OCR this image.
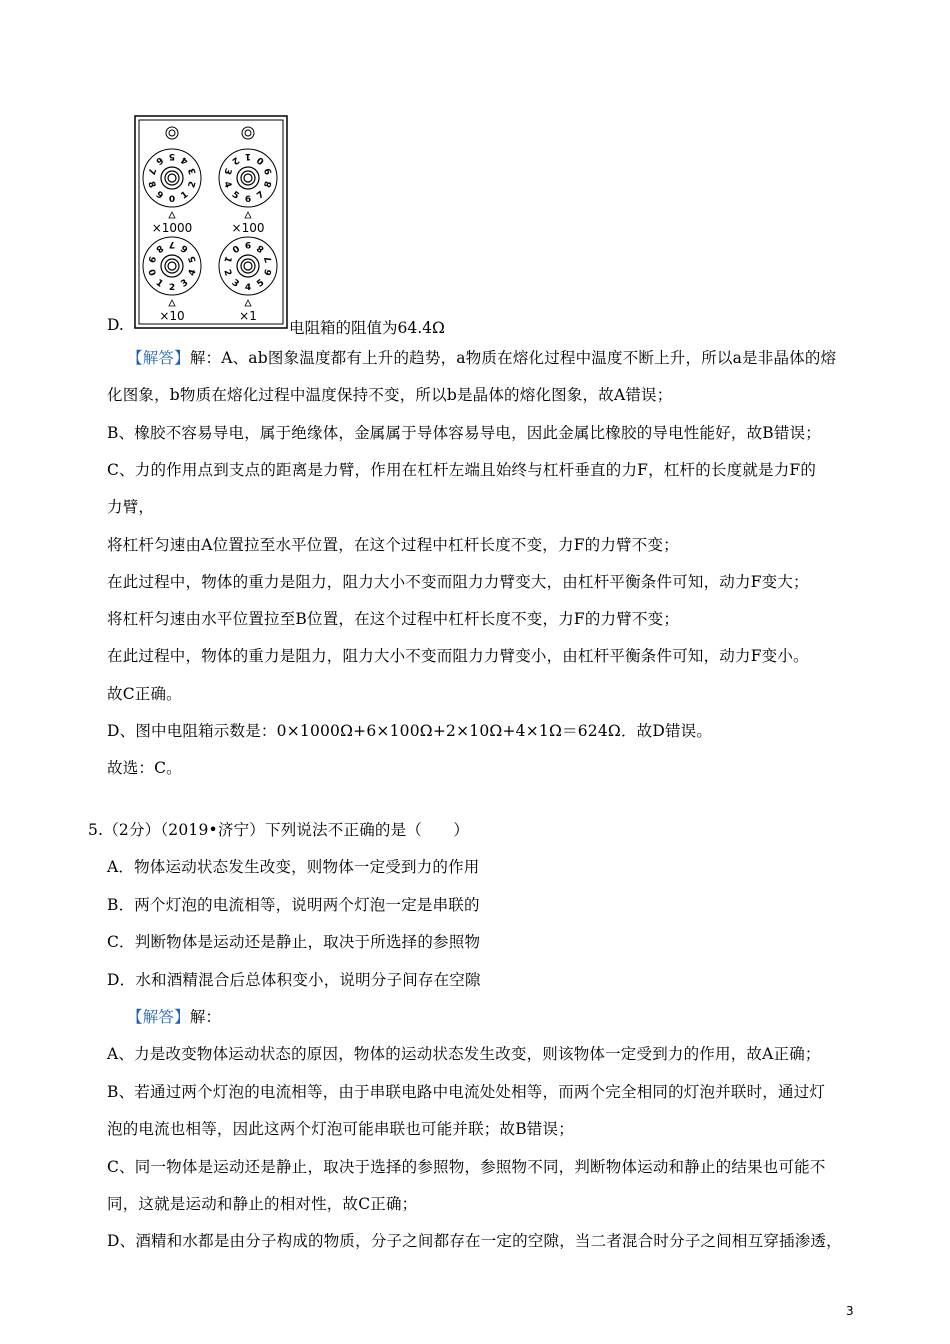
0 1
2
3
4
5
6
7
8
9
×1000
0
1
2
3
4
5 6 7
8
9
×100
0
1 2 3
4
5
6
7
8
9
×10
0
1
2
3 4 5
6
7
8
9
×1
D.	电阻箱的阻值为64.4Ω
【解答】解：A、ab图象温度都有上升的趋势，a物质在熔化过程中温度不断上升，所以a是非晶体的熔
化图象，b物质在熔化过程中温度保持不变，所以b是晶体的熔化图象，故A错误；
B、橡胶不容易导电，属于绝缘体，金属属于导体容易导电，因此金属比橡胶的导电性能好，故B错误；
C、力的作用点到支点的距离是力臂，作用在杠杆左端且始终与杠杆垂直的力F，杠杆的长度就是力F的
力臂，
将杠杆匀速由A位置拉至水平位置，在这个过程中杠杆长度不变，力F的力臂不变；
在此过程中，物体的重力是阻力，阻力大小不变而阻力力臂变大，由杠杆平衡条件可知，动力F变大；
将杠杆匀速由水平位置拉至B位置，在这个过程中杠杆长度不变，力F的力臂不变；
在此过程中，物体的重力是阻力，阻力大小不变而阻力力臂变小，由杠杆平衡条件可知，动力F变小。
故C正确。
D、图中电阻箱示数是：0×1000Ω+6×100Ω+2×10Ω+4×1Ω＝624Ω．故D错误。
故选：C。
5.（2分）（2019•济宁）下列说法不正确的是（　　）
A．物体运动状态发生改变，则物体一定受到力的作用
B．两个灯泡的电流相等，说明两个灯泡一定是串联的
C．判断物体是运动还是静止，取决于所选择的参照物
D．水和酒精混合后总体积变小，说明分子间存在空隙
【解答】解：
A、力是改变物体运动状态的原因，物体的运动状态发生改变，则该物体一定受到力的作用，故A正确；
B、若通过两个灯泡的电流相等，由于串联电路中电流处处相等，而两个完全相同的灯泡并联时，通过灯
泡的电流也相等，因此这两个灯泡可能串联也可能并联；故B错误；
C、同一物体是运动还是静止，取决于选择的参照物，参照物不同，判断物体运动和静止的结果也可能不
同，这就是运动和静止的相对性，故C正确；
D、酒精和水都是由分子构成的物质，分子之间都存在一定的空隙，当二者混合时分子之间相互穿插渗透，
3
